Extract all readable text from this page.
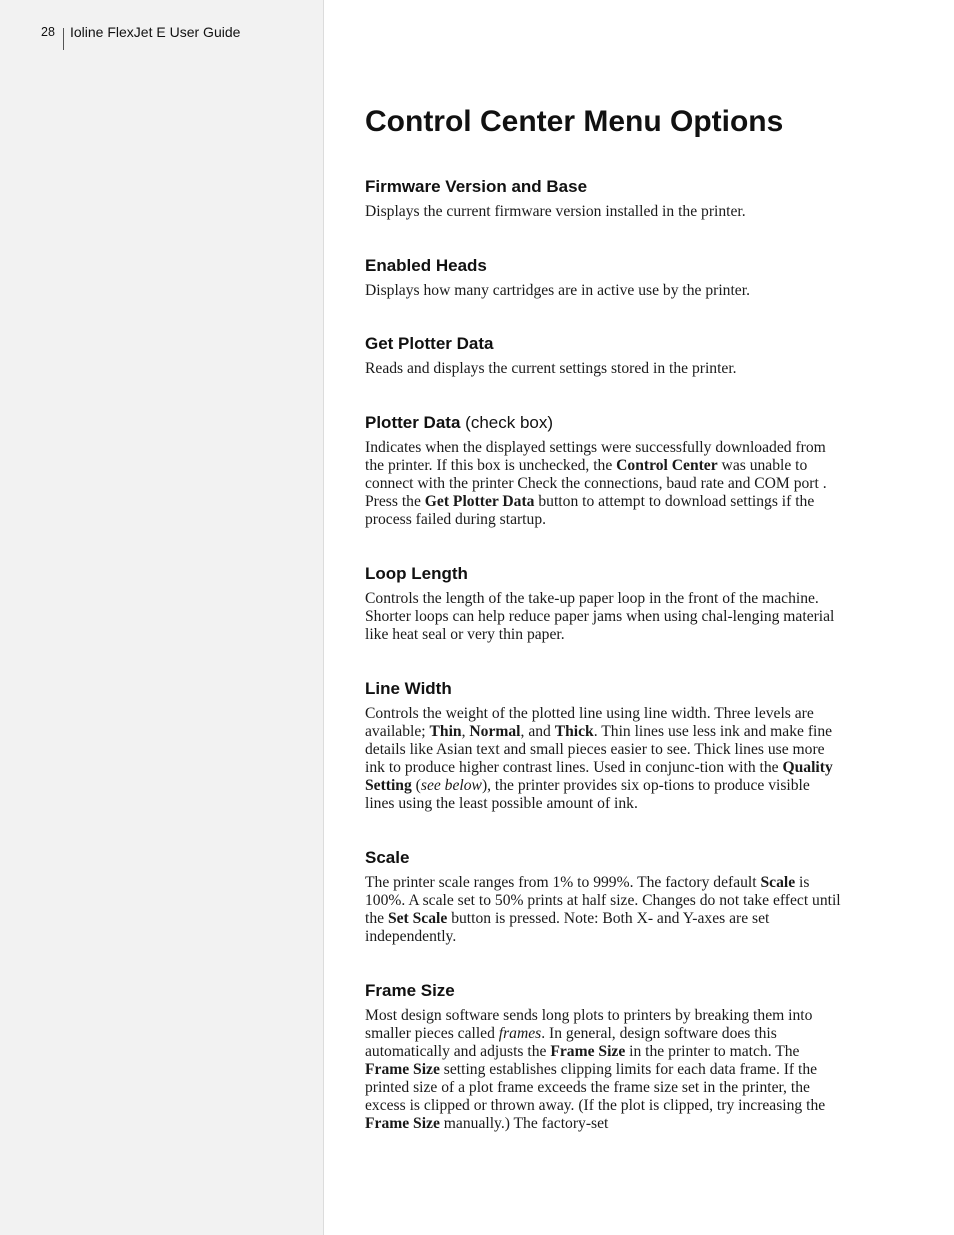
28 Ioline FlexJet E User Guide
Control Center Menu Options
Firmware Version and Base

Displays the current firmware version installed in the printer.

Enabled Heads

Displays how many cartridges are in active use by the printer.

Get Plotter Data

Reads and displays the current settings stored in the printer.

Plotter Data (check box)

Indicates when the displayed settings were successfully downloaded from the printer. If this box is unchecked, the Control Center was unable to connect with the printer Check the connections, baud rate and COM port . Press the Get Plotter Data button to attempt to download settings if the process failed during startup.

Loop Length

Controls the length of the take-up paper loop in the front of the machine. Shorter loops can help reduce paper jams when using chal-lenging material like heat seal or very thin paper.

Line Width

Controls the weight of the plotted line using line width. Three levels are available; Thin, Normal, and Thick. Thin lines use less ink and make fine details like Asian text and small pieces easier to see. Thick lines use more ink to produce higher contrast lines. Used in conjunc-tion with the Quality Setting (see below), the printer provides six op-tions to produce visible lines using the least possible amount of ink.

Scale

The printer scale ranges from 1% to 999%. The factory default Scale is 100%. A scale set to 50% prints at half size. Changes do not take effect until the Set Scale button is pressed. Note: Both X- and Y-axes are set independently.

Frame Size

Most design software sends long plots to printers by breaking them into smaller pieces called frames. In general, design software does this automatically and adjusts the Frame Size in the printer to match. The Frame Size setting establishes clipping limits for each data frame. If the printed size of a plot frame exceeds the frame size set in the printer, the excess is clipped or thrown away. (If the plot is clipped, try increasing the Frame Size manually.) The factory-set
